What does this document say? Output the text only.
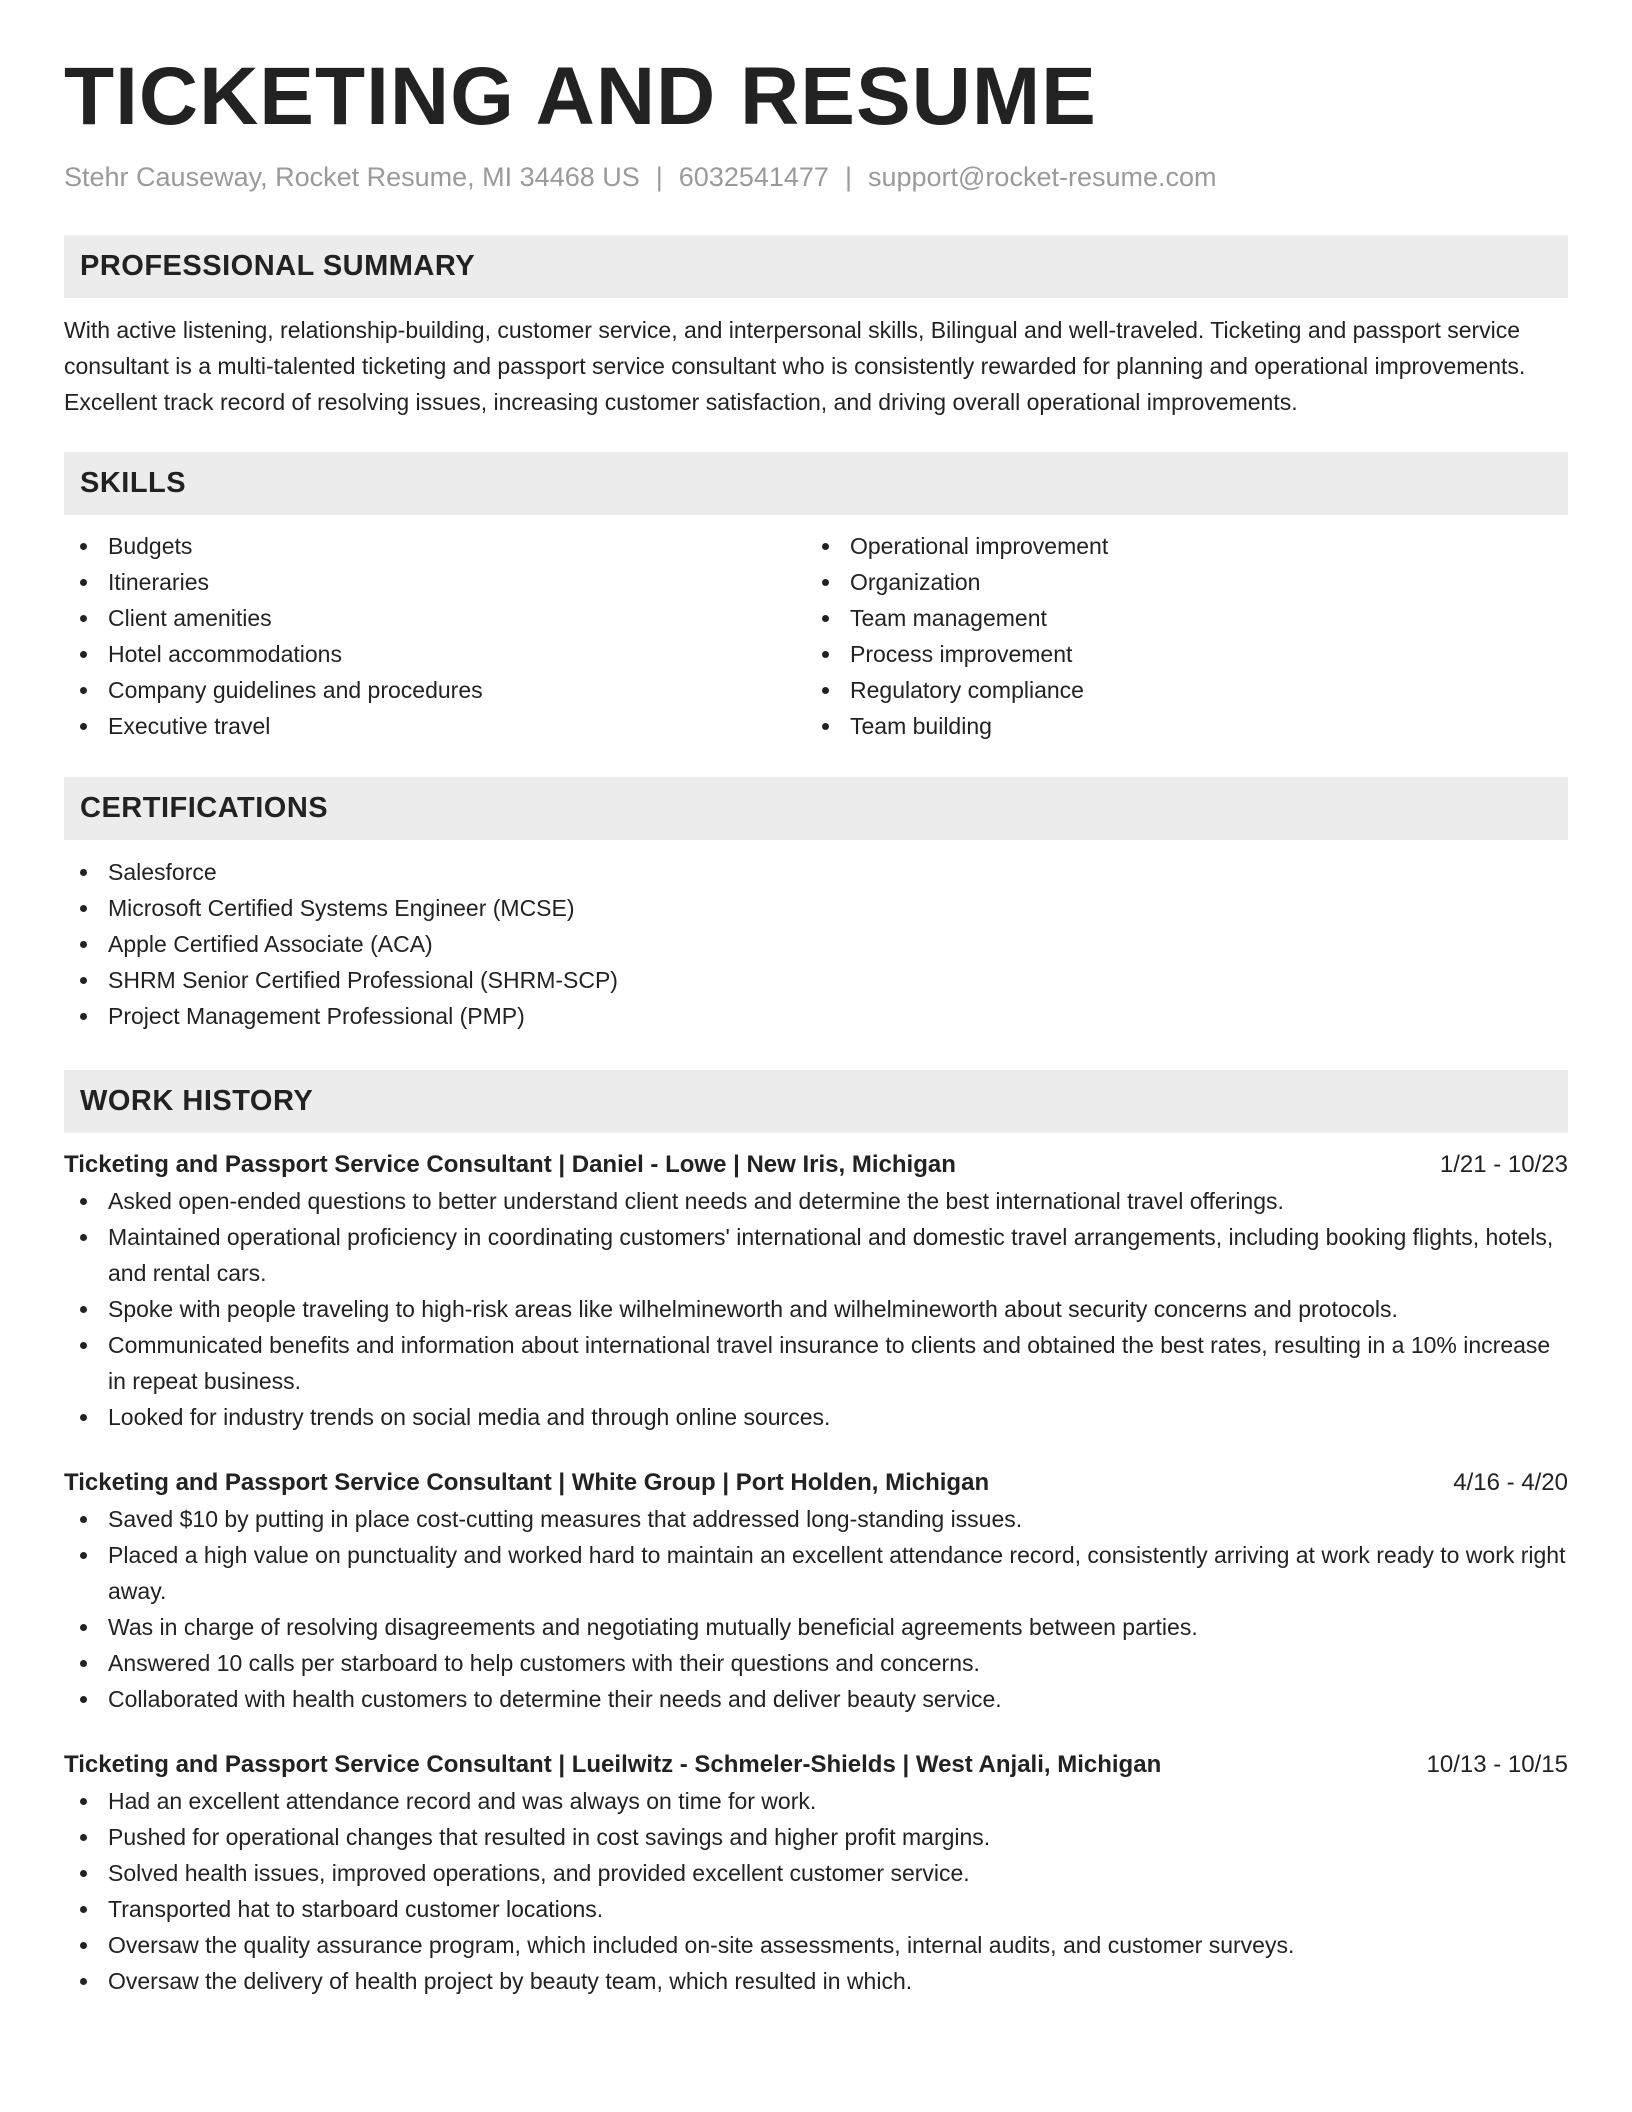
TICKETING AND RESUME
Stehr Causeway, Rocket Resume, MI 34468 US | 6032541477 | support@rocket-resume.com
PROFESSIONAL SUMMARY

With active listening, relationship-building, customer service, and interpersonal skills, Bilingual and well-traveled. Ticketing and passport service consultant is a multi-talented ticketing and passport service consultant who is consistently rewarded for planning and operational improvements. Excellent track record of resolving issues, increasing customer satisfaction, and driving overall operational improvements.

SKILLS
Budgets
Itineraries
Client amenities
Hotel accommodations
Company guidelines and procedures
Executive travel
Operational improvement
Organization
Team management
Process improvement
Regulatory compliance
Team building
CERTIFICATIONS
Salesforce
Microsoft Certified Systems Engineer (MCSE)
Apple Certified Associate (ACA)
SHRM Senior Certified Professional (SHRM-SCP)
Project Management Professional (PMP)
WORK HISTORY
Ticketing and Passport Service Consultant | Daniel - Lowe | New Iris, Michigan	1/21 - 10/23
Asked open-ended questions to better understand client needs and determine the best international travel offerings.
Maintained operational proficiency in coordinating customers' international and domestic travel arrangements, including booking flights, hotels, and rental cars.
Spoke with people traveling to high-risk areas like wilhelmineworth and wilhelmineworth about security concerns and protocols.
Communicated benefits and information about international travel insurance to clients and obtained the best rates, resulting in a 10% increase in repeat business.
Looked for industry trends on social media and through online sources.
Ticketing and Passport Service Consultant | White Group | Port Holden, Michigan	4/16 - 4/20
Saved $10 by putting in place cost-cutting measures that addressed long-standing issues.
Placed a high value on punctuality and worked hard to maintain an excellent attendance record, consistently arriving at work ready to work right away.
Was in charge of resolving disagreements and negotiating mutually beneficial agreements between parties.
Answered 10 calls per starboard to help customers with their questions and concerns.
Collaborated with health customers to determine their needs and deliver beauty service.
Ticketing and Passport Service Consultant | Lueilwitz - Schmeler-Shields | West Anjali, Michigan	10/13 - 10/15
Had an excellent attendance record and was always on time for work.
Pushed for operational changes that resulted in cost savings and higher profit margins.
Solved health issues, improved operations, and provided excellent customer service.
Transported hat to starboard customer locations.
Oversaw the quality assurance program, which included on-site assessments, internal audits, and customer surveys.
Oversaw the delivery of health project by beauty team, which resulted in which.
